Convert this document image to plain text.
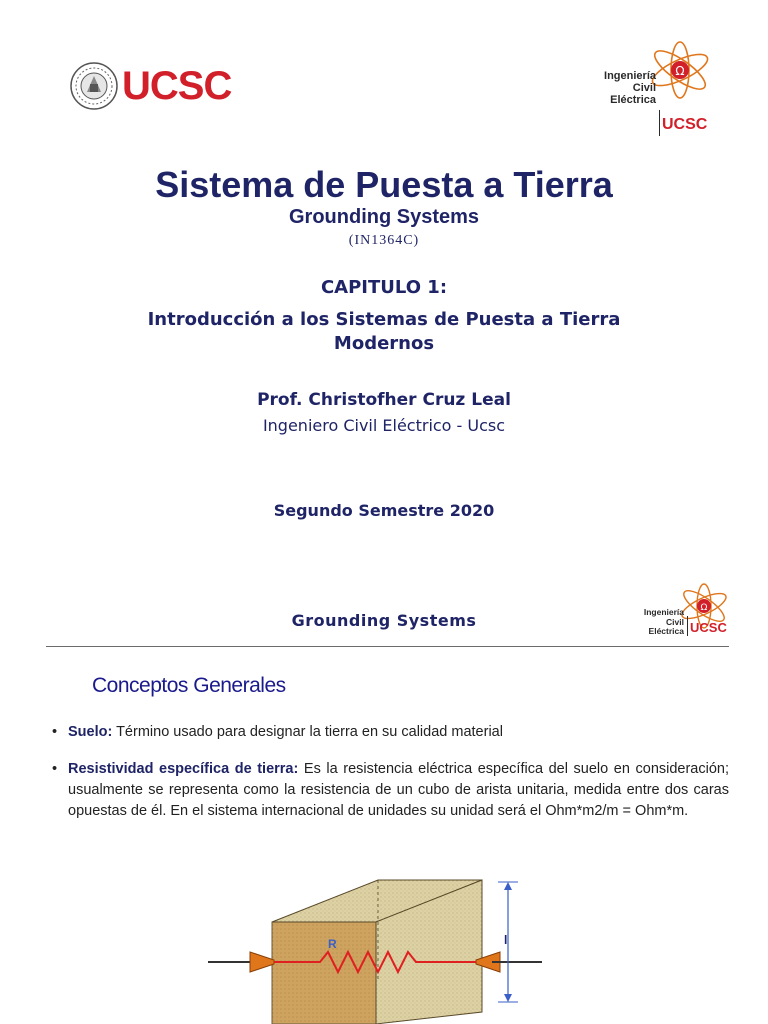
UCSC	Ω
Ingeniería
Civil
Eléctrica
UCSC
Sistema de Puesta a Tierra
Grounding Systems
(IN1364C)
CAPITULO 1:
Introducción a los Sistemas de Puesta a Tierra Modernos
Prof. Christofher Cruz Leal
Ingeniero Civil Eléctrico - Ucsc
Segundo Semestre 2020
Grounding Systems
Ω
Ingeniería
Civil
Eléctrica UCSC
Conceptos Generales
• Suelo: Término usado para designar la tierra en su calidad material
• Resistividad específica de tierra: Es la resistencia eléctrica específica del suelo en consideración; usualmente se representa como la resistencia de un cubo de arista unitaria, medida entre dos caras opuestas de él. En el sistema internacional de unidades su unidad será el Ohm*m2/m = Ohm*m.
R	l
